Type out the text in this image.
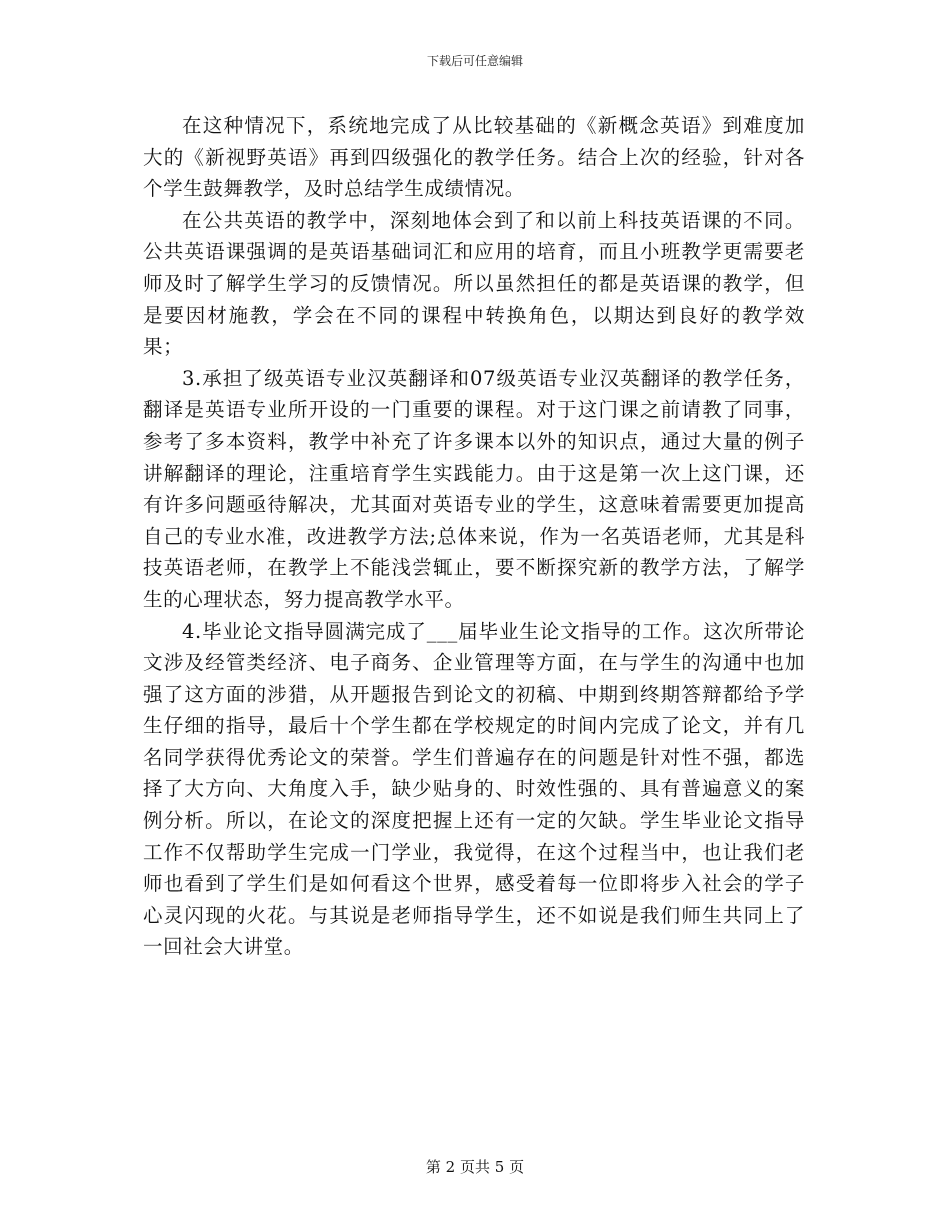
下载后可任意编辑

在这种情况下，系统地完成了从比较基础的《新概念英语》到难度加大的《新视野英语》再到四级强化的教学任务。结合上次的经验，针对各个学生鼓舞教学，及时总结学生成绩情况。

在公共英语的教学中，深刻地体会到了和以前上科技英语课的不同。公共英语课强调的是英语基础词汇和应用的培育，而且小班教学更需要老师及时了解学生学习的反馈情况。所以虽然担任的都是英语课的教学，但是要因材施教，学会在不同的课程中转换角色，以期达到良好的教学效果；

3.承担了级英语专业汉英翻译和07级英语专业汉英翻译的教学任务，翻译是英语专业所开设的一门重要的课程。对于这门课之前请教了同事，参考了多本资料，教学中补充了许多课本以外的知识点，通过大量的例子讲解翻译的理论，注重培育学生实践能力。由于这是第一次上这门课，还有许多问题亟待解决，尤其面对英语专业的学生，这意味着需要更加提高自己的专业水准，改进教学方法;总体来说，作为一名英语老师，尤其是科技英语老师，在教学上不能浅尝辄止，要不断探究新的教学方法，了解学生的心理状态，努力提高教学水平。

4.毕业论文指导圆满完成了___届毕业生论文指导的工作。这次所带论文涉及经管类经济、电子商务、企业管理等方面，在与学生的沟通中也加强了这方面的涉猎，从开题报告到论文的初稿、中期到终期答辩都给予学生仔细的指导，最后十个学生都在学校规定的时间内完成了论文，并有几名同学获得优秀论文的荣誉。学生们普遍存在的问题是针对性不强，都选择了大方向、大角度入手，缺少贴身的、时效性强的、具有普遍意义的案例分析。所以，在论文的深度把握上还有一定的欠缺。学生毕业论文指导工作不仅帮助学生完成一门学业，我觉得，在这个过程当中，也让我们老师也看到了学生们是如何看这个世界，感受着每一位即将步入社会的学子心灵闪现的火花。与其说是老师指导学生，还不如说是我们师生共同上了一回社会大讲堂。

第 2 页共 5 页
